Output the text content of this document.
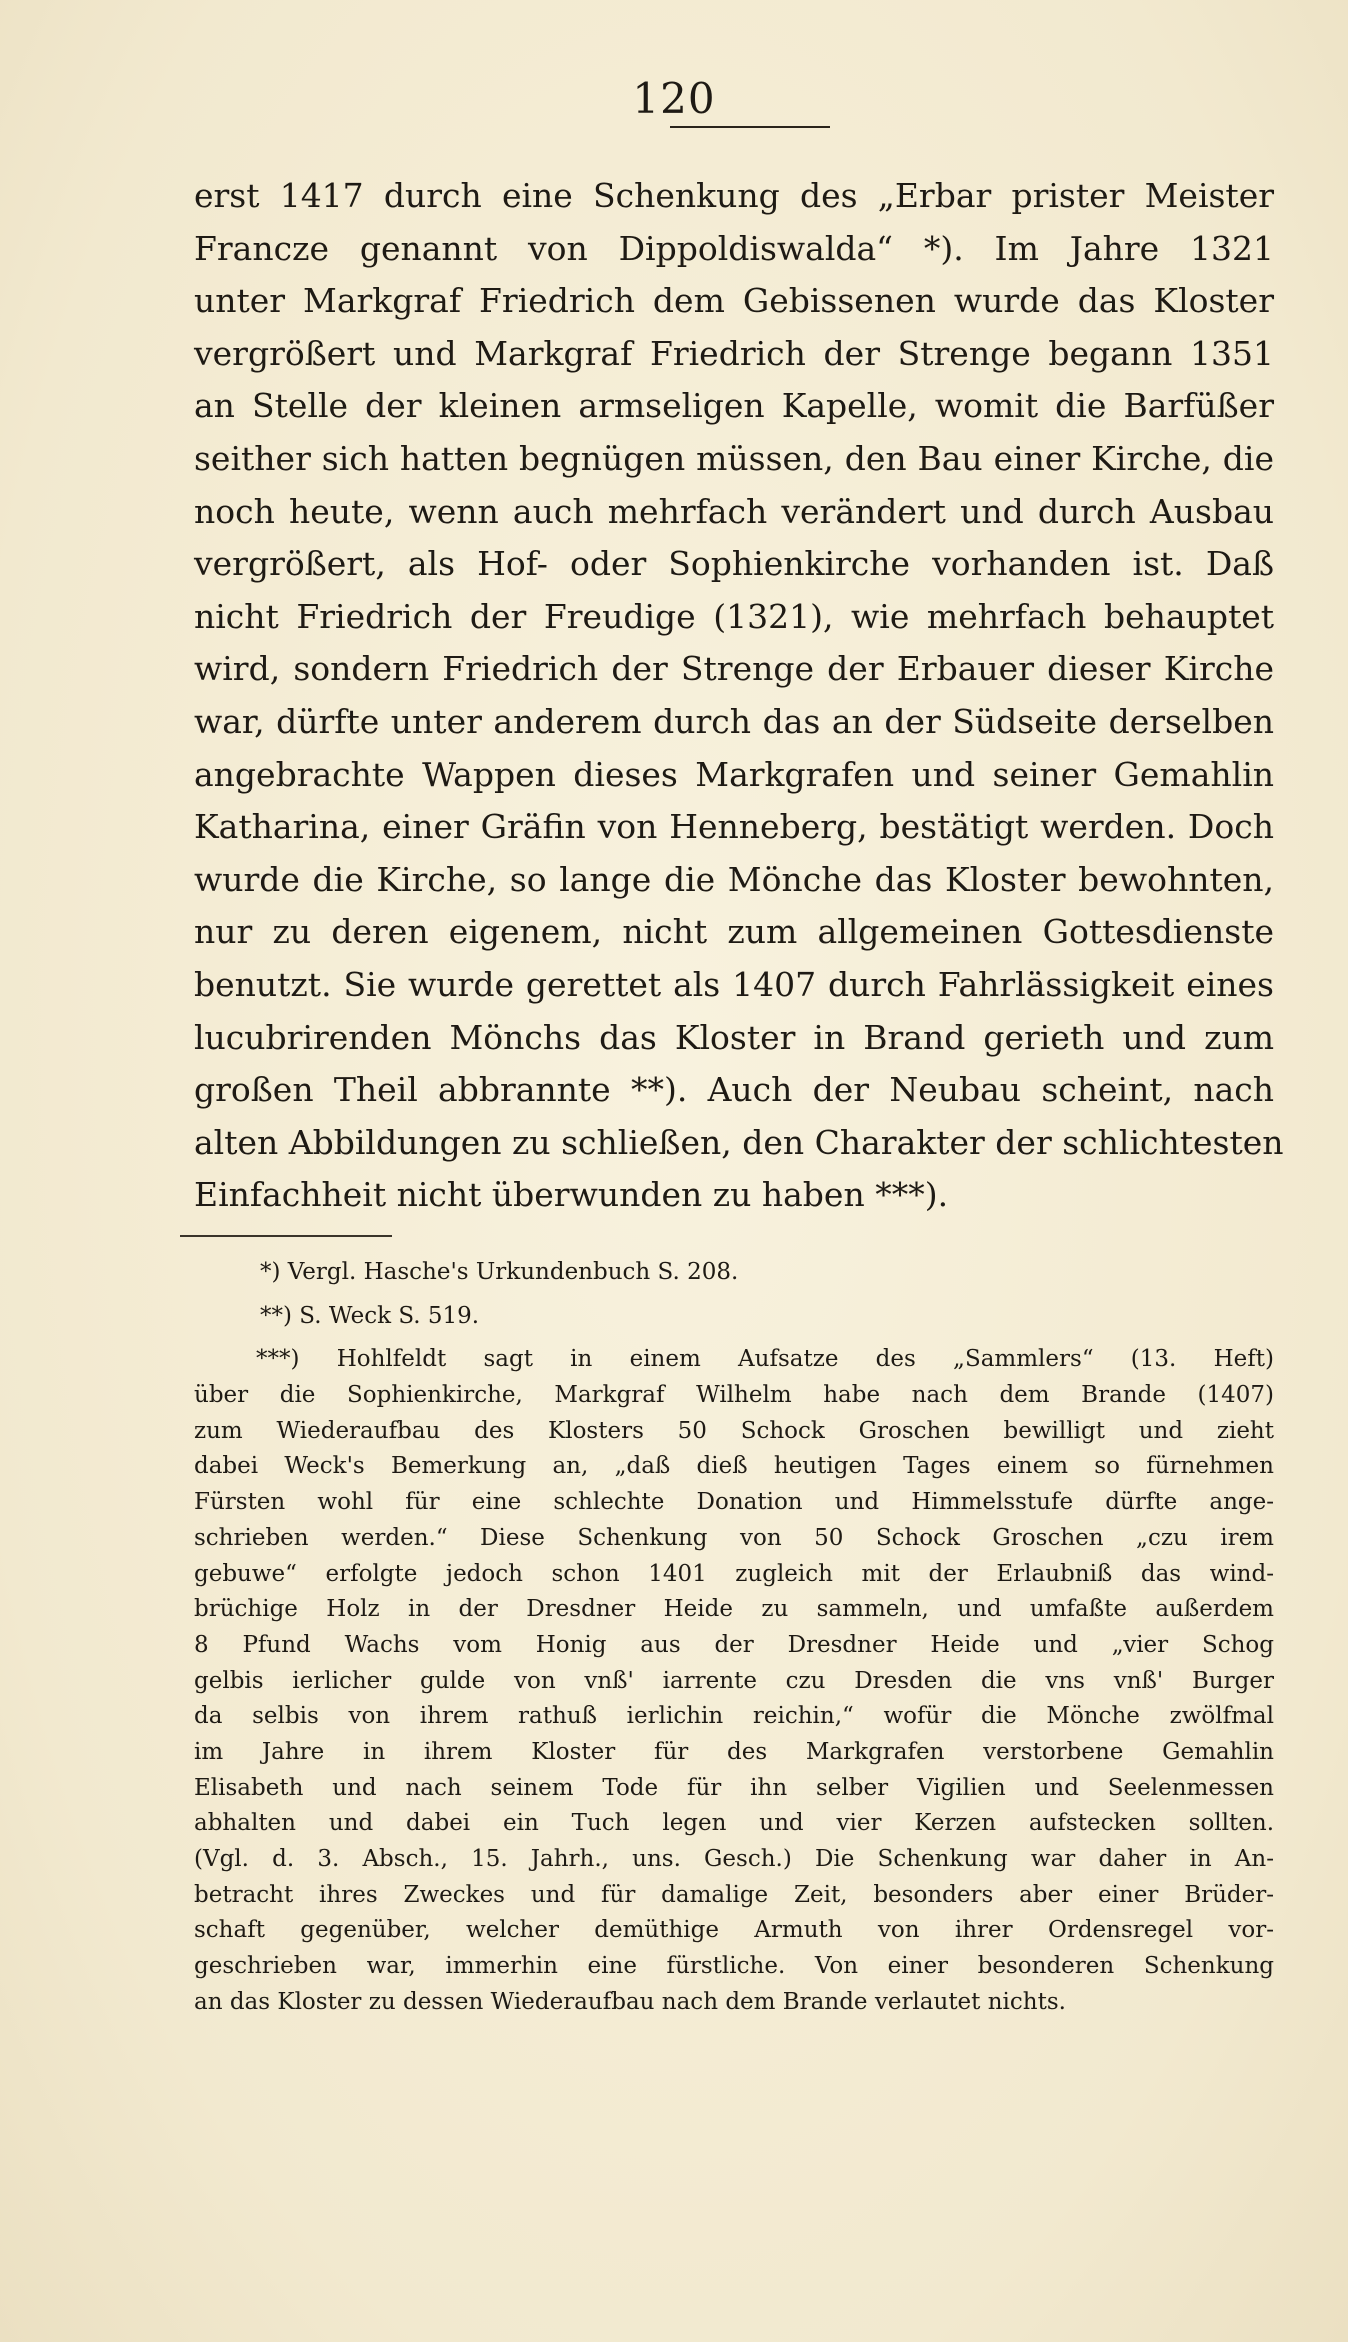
120
erst 1417 durch eine Schenkung des „Erbar prister Meister
Francze genannt von Dippoldiswalda“ *). Im Jahre 1321
unter Markgraf Friedrich dem Gebissenen wurde das Kloster
vergrößert und Markgraf Friedrich der Strenge begann 1351
an Stelle der kleinen armseligen Kapelle, womit die Barfüßer
seither sich hatten begnügen müssen, den Bau einer Kirche, die
noch heute, wenn auch mehrfach verändert und durch Ausbau
vergrößert, als Hof- oder Sophienkirche vorhanden ist. Daß
nicht Friedrich der Freudige (1321), wie mehrfach behauptet
wird, sondern Friedrich der Strenge der Erbauer dieser Kirche
war, dürfte unter anderem durch das an der Südseite derselben
angebrachte Wappen dieses Markgrafen und seiner Gemahlin
Katharina, einer Gräfin von Henneberg, bestätigt werden. Doch
wurde die Kirche, so lange die Mönche das Kloster bewohnten,
nur zu deren eigenem, nicht zum allgemeinen Gottesdienste
benutzt. Sie wurde gerettet als 1407 durch Fahrlässigkeit eines
lucubrirenden Mönchs das Kloster in Brand gerieth und zum
großen Theil abbrannte **). Auch der Neubau scheint, nach
alten Abbildungen zu schließen, den Charakter der schlichtesten
Einfachheit nicht überwunden zu haben ***).
*) Vergl. Hasche's Urkundenbuch S. 208.
**) S. Weck S. 519.
***) Hohlfeldt sagt in einem Aufsatze des „Sammlers“ (13. Heft)
über die Sophienkirche, Markgraf Wilhelm habe nach dem Brande (1407)
zum Wiederaufbau des Klosters 50 Schock Groschen bewilligt und zieht
dabei Weck's Bemerkung an, „daß dieß heutigen Tages einem so fürnehmen
Fürsten wohl für eine schlechte Donation und Himmelsstufe dürfte ange-
schrieben werden.“ Diese Schenkung von 50 Schock Groschen „czu irem
gebuwe“ erfolgte jedoch schon 1401 zugleich mit der Erlaubniß das wind-
brüchige Holz in der Dresdner Heide zu sammeln, und umfaßte außerdem
8 Pfund Wachs vom Honig aus der Dresdner Heide und „vier Schog
gelbis ierlicher gulde von vnß' iarrente czu Dresden die vns vnß' Burger
da selbis von ihrem rathuß ierlichin reichin,“ wofür die Mönche zwölfmal
im Jahre in ihrem Kloster für des Markgrafen verstorbene Gemahlin
Elisabeth und nach seinem Tode für ihn selber Vigilien und Seelenmessen
abhalten und dabei ein Tuch legen und vier Kerzen aufstecken sollten.
(Vgl. d. 3. Absch., 15. Jahrh., uns. Gesch.) Die Schenkung war daher in An-
betracht ihres Zweckes und für damalige Zeit, besonders aber einer Brüder-
schaft gegenüber, welcher demüthige Armuth von ihrer Ordensregel vor-
geschrieben war, immerhin eine fürstliche. Von einer besonderen Schenkung
an das Kloster zu dessen Wiederaufbau nach dem Brande verlautet nichts.
